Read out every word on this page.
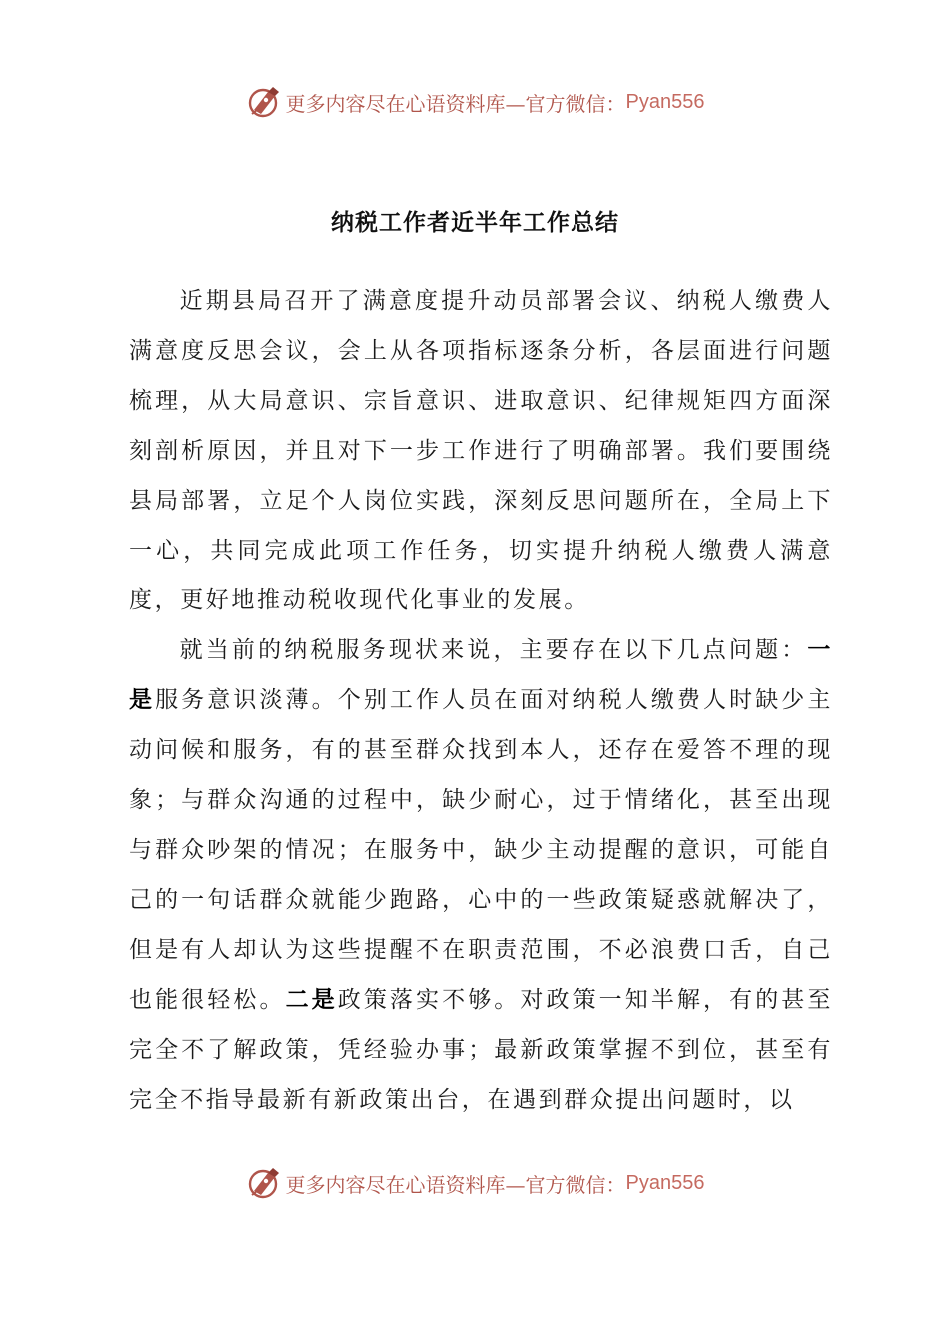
更多内容尽在心语资料库— 官方微信： Pyan556
纳税工作者近半年工作总结

近期县局召开了满意度提升动员部署会议、纳税人缴费人满意度反思会议，会上从各项指标逐条分析，各层面进行问题梳理，从大局意识、宗旨意识、进取意识、纪律规矩四方面深刻剖析原因，并且对下一步工作进行了明确部署。我们要围绕县局部署，立足个人岗位实践，深刻反思问题所在，全局上下一心，共同完成此项工作任务，切实提升纳税人缴费人满意度，更好地推动税收现代化事业的发展。

就当前的纳税服务现状来说，主要存在以下几点问题：一是服务意识淡薄。个别工作人员在面对纳税人缴费人时缺少主动问候和服务，有的甚至群众找到本人，还存在爱答不理的现象；与群众沟通的过程中，缺少耐心，过于情绪化，甚至出现与群众吵架的情况；在服务中，缺少主动提醒的意识，可能自己的一句话群众就能少跑路，心中的一些政策疑惑就解决了，但是有人却认为这些提醒不在职责范围，不必浪费口舌，自己也能很轻松。二是政策落实不够。对政策一知半解，有的甚至完全不了解政策，凭经验办事；最新政策掌握不到位，甚至有完全不指导最新有新政策出台，在遇到群众提出问题时，以

更多内容尽在心语资料库— 官方微信： Pyan556
